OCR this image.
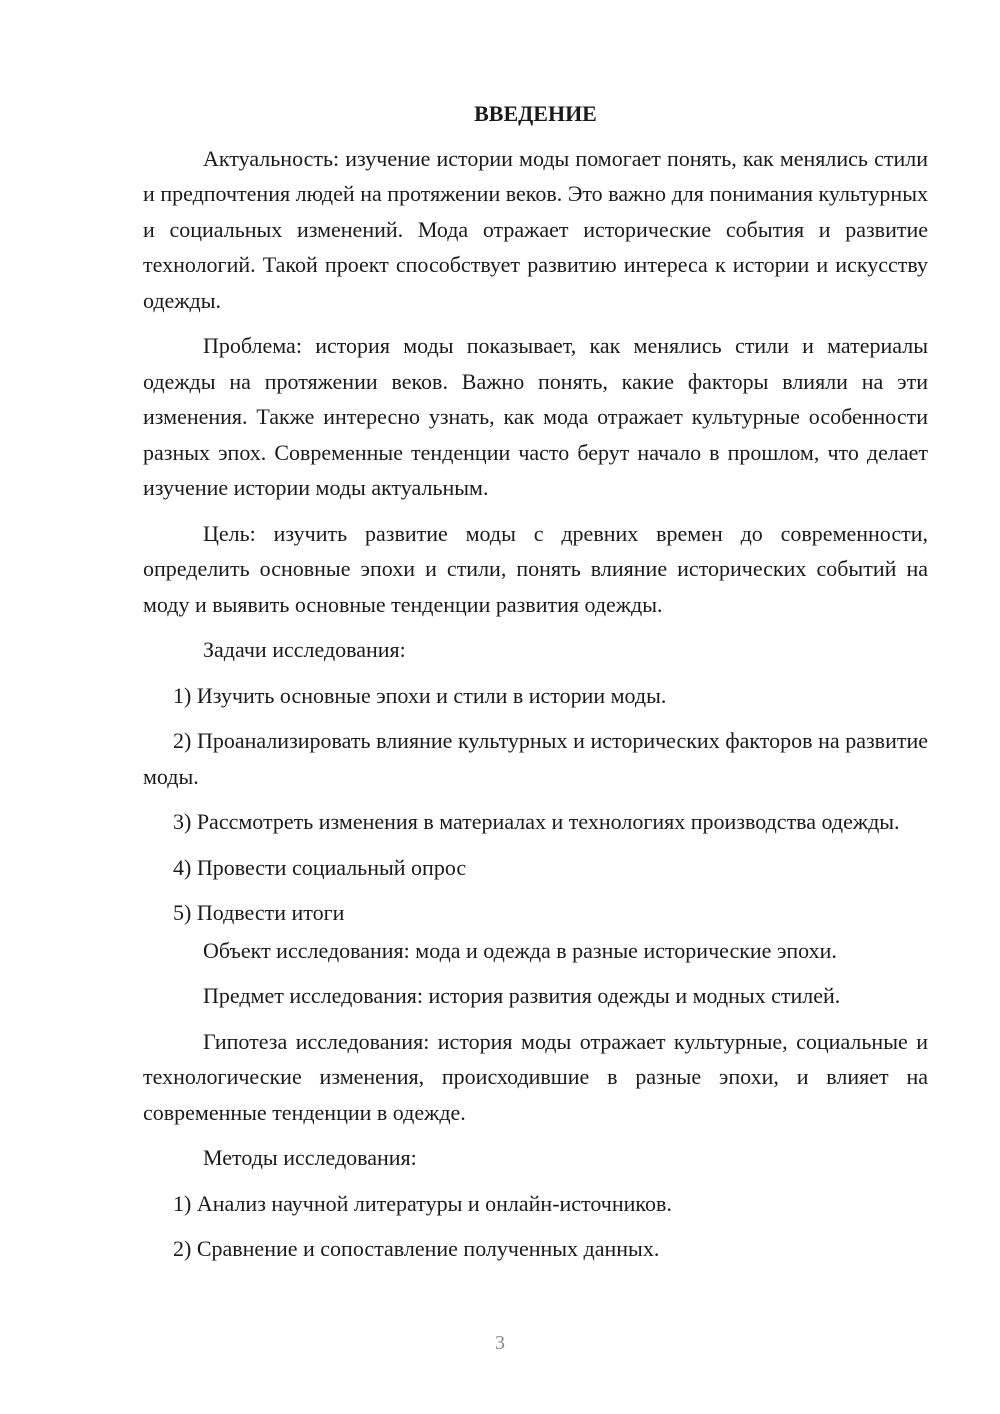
ВВЕДЕНИЕ

Актуальность: изучение истории моды помогает понять, как менялись стили и предпочтения людей на протяжении веков. Это важно для понимания культурных и социальных изменений. Мода отражает исторические события и развитие технологий. Такой проект способствует развитию интереса к истории и искусству одежды.

Проблема: история моды показывает, как менялись стили и материалы одежды на протяжении веков. Важно понять, какие факторы влияли на эти изменения. Также интересно узнать, как мода отражает культурные особенности разных эпох. Современные тенденции часто берут начало в прошлом, что делает изучение истории моды актуальным.

Цель: изучить развитие моды с древних времен до современности, определить основные эпохи и стили, понять влияние исторических событий на моду и выявить основные тенденции развития одежды.

Задачи исследования:

1) Изучить основные эпохи и стили в истории моды.

2) Проанализировать влияние культурных и исторических факторов на развитие моды.

3) Рассмотреть изменения в материалах и технологиях производства одежды.

4) Провести социальный опрос

5) Подвести итоги

Объект исследования: мода и одежда в разные исторические эпохи.

Предмет исследования: история развития одежды и модных стилей.

Гипотеза исследования: история моды отражает культурные, социальные и технологические изменения, происходившие в разные эпохи, и влияет на современные тенденции в одежде.

Методы исследования:

1) Анализ научной литературы и онлайн-источников.

2) Сравнение и сопоставление полученных данных.

3
